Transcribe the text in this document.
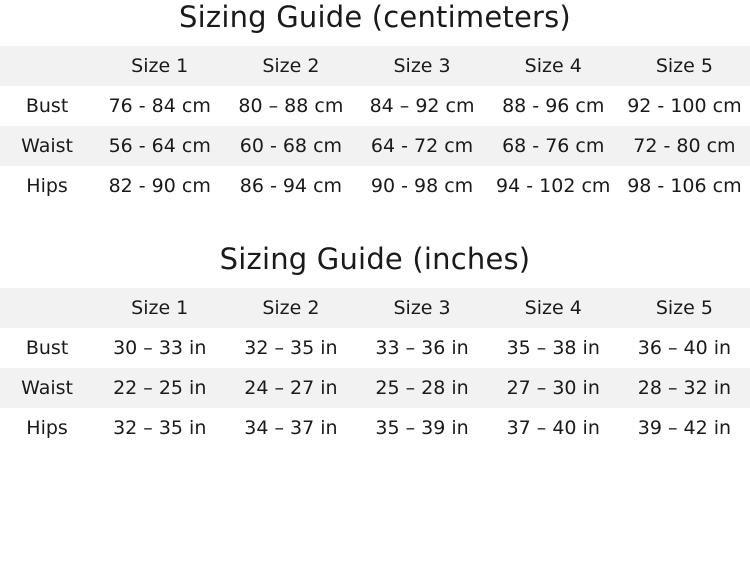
Sizing Guide (centimeters)
	Size 1	Size 2	Size 3	Size 4	Size 5
Bust	76 - 84 cm	80 – 88 cm	84 – 92 cm	88 - 96 cm	92 - 100 cm
Waist	56 - 64 cm	60 - 68 cm	64 - 72 cm	68 - 76 cm	72 - 80 cm
Hips	82 - 90 cm	86 - 94 cm	90 - 98 cm	94 - 102 cm	98 - 106 cm
Sizing Guide (inches)
	Size 1	Size 2	Size 3	Size 4	Size 5
Bust	30 – 33 in	32 – 35 in	33 – 36 in	35 – 38 in	36 – 40 in
Waist	22 – 25 in	24 – 27 in	25 – 28 in	27 – 30 in	28 – 32 in
Hips	32 – 35 in	34 – 37 in	35 – 39 in	37 – 40 in	39 – 42 in
